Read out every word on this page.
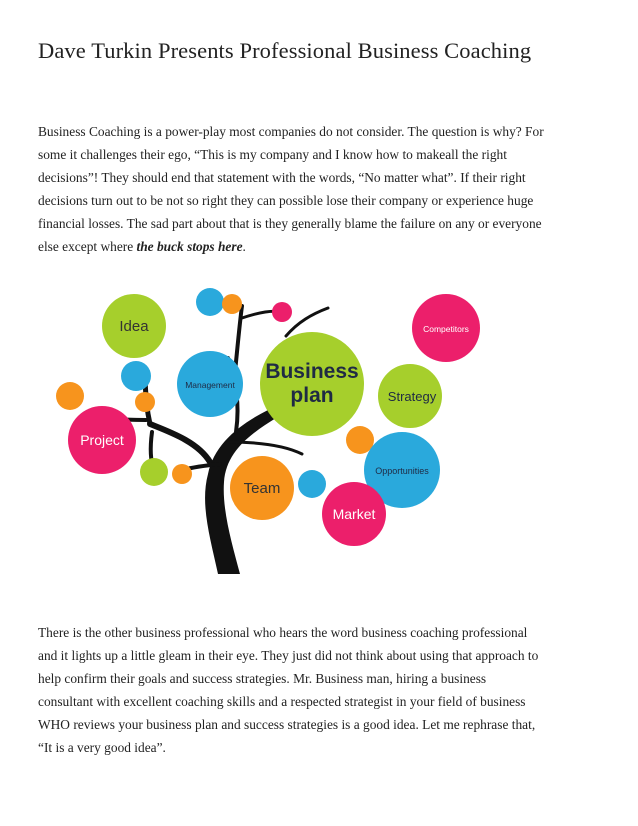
Dave Turkin Presents Professional Business Coaching
Business Coaching is a power-play most companies do not consider. The question is why? For
some it challenges their ego, “This is my company and I know how to makeall the right
decisions”! They should end that statement with the words, “No matter what”. If their right
decisions turn out to be not so right they can possible lose their company or experience huge
financial losses. The sad part about that is they generally blame the failure on any or everyone
else except where the buck stops here.
Idea
Management
Project
Business
plan
Competitors
Strategy
Opportunities
Team
Market
There is the other business professional who hears the word business coaching professional
and it lights up a little gleam in their eye. They just did not think about using that approach to
help confirm their goals and success strategies. Mr. Business man, hiring a business
consultant with excellent coaching skills and a respected strategist in your field of business
WHO reviews your business plan and success strategies is a good idea. Let me rephrase that,
“It is a very good idea”.
